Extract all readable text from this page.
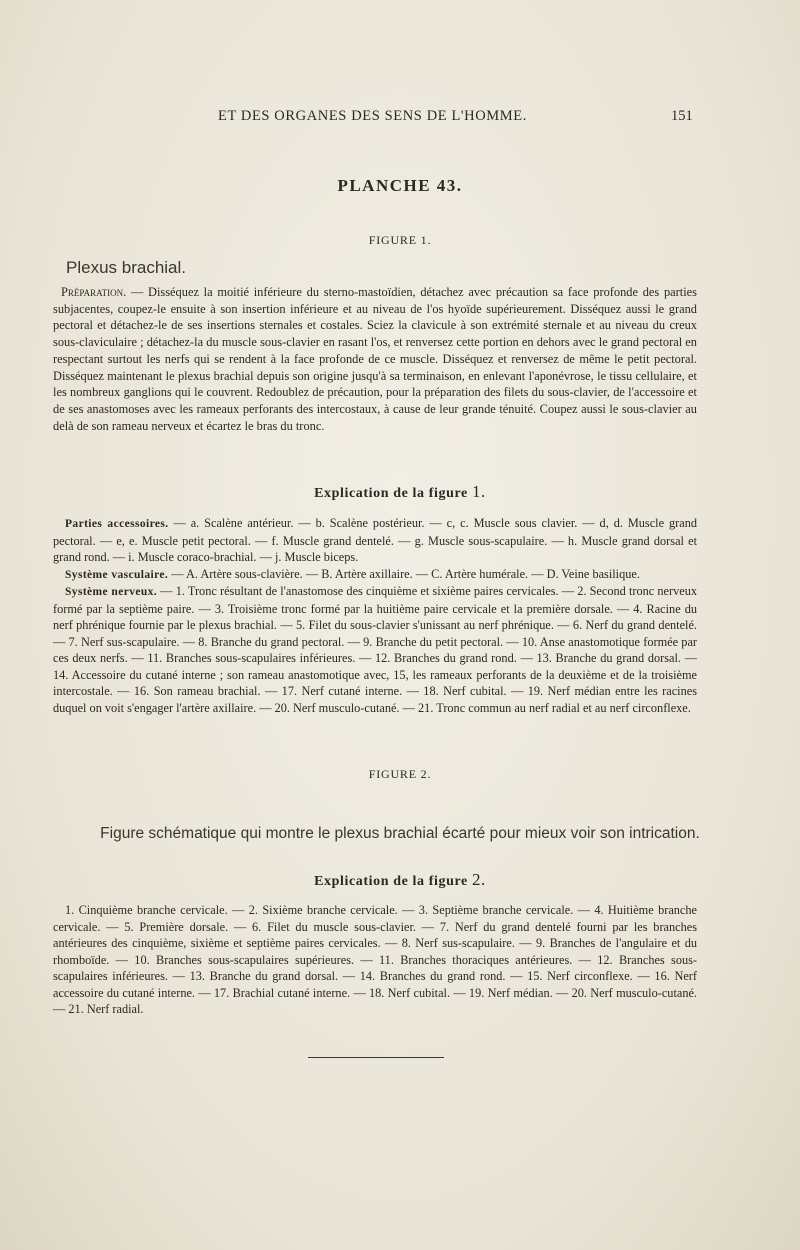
ET DES ORGANES DES SENS DE L'HOMME.	151
PLANCHE 43.
FIGURE 1.
Plexus brachial.

Préparation. — Disséquez la moitié inférieure du sterno-mastoïdien, détachez avec précaution sa face profonde des parties subjacentes, coupez-le ensuite à son insertion inférieure et au niveau de l'os hyoïde supérieurement. Disséquez aussi le grand pectoral et détachez-le de ses insertions sternales et costales. Sciez la clavicule à son extrémité sternale et au niveau du creux sous-claviculaire ; détachez-la du muscle sous-clavier en rasant l'os, et renversez cette portion en dehors avec le grand pectoral en respectant surtout les nerfs qui se rendent à la face profonde de ce muscle. Disséquez et renversez de même le petit pectoral. Disséquez maintenant le plexus brachial depuis son origine jusqu'à sa terminaison, en enlevant l'aponévrose, le tissu cellulaire, et les nombreux ganglions qui le couvrent. Redoublez de précaution, pour la préparation des filets du sous-clavier, de l'accessoire et de ses anastomoses avec les rameaux perforants des intercostaux, à cause de leur grande ténuité. Coupez aussi le sous-clavier au delà de son rameau nerveux et écartez le bras du tronc.

Explication de la figure 1.

Parties accessoires. — a. Scalène antérieur. — b. Scalène postérieur. — c, c. Muscle sous clavier. — d, d. Muscle grand pectoral. — e, e. Muscle petit pectoral. — f. Muscle grand dentelé. — g. Muscle sous-scapulaire. — h. Muscle grand dorsal et grand rond. — i. Muscle coraco-brachial. — j. Muscle biceps.

Système vasculaire. — A. Artère sous-clavière. — B. Artère axillaire. — C. Artère humérale. — D. Veine basilique.

Système nerveux. — 1. Tronc résultant de l'anastomose des cinquième et sixième paires cervicales. — 2. Second tronc nerveux formé par la septième paire. — 3. Troisième tronc formé par la huitième paire cervicale et la première dorsale. — 4. Racine du nerf phrénique fournie par le plexus brachial. — 5. Filet du sous-clavier s'unissant au nerf phrénique. — 6. Nerf du grand dentelé. — 7. Nerf sus-scapulaire. — 8. Branche du grand pectoral. — 9. Branche du petit pectoral. — 10. Anse anastomotique formée par ces deux nerfs. — 11. Branches sous-scapulaires inférieures. — 12. Branches du grand rond. — 13. Branche du grand dorsal. — 14. Accessoire du cutané interne ; son rameau anastomotique avec, 15, les rameaux perforants de la deuxième et de la troisième intercostale. — 16. Son rameau brachial. — 17. Nerf cutané interne. — 18. Nerf cubital. — 19. Nerf médian entre les racines duquel on voit s'engager l'artère axillaire. — 20. Nerf musculo-cutané. — 21. Tronc commun au nerf radial et au nerf circonflexe.

FIGURE 2.
Figure schématique qui montre le plexus brachial écarté pour mieux voir son intrication.
Explication de la figure 2.

1. Cinquième branche cervicale. — 2. Sixième branche cervicale. — 3. Septième branche cervicale. — 4. Huitième branche cervicale. — 5. Première dorsale. — 6. Filet du muscle sous-clavier. — 7. Nerf du grand dentelé fourni par les branches antérieures des cinquième, sixième et septième paires cervicales. — 8. Nerf sus-scapulaire. — 9. Branches de l'angulaire et du rhomboïde. — 10. Branches sous-scapulaires supérieures. — 11. Branches thoraciques antérieures. — 12. Branches sous-scapulaires inférieures. — 13. Branche du grand dorsal. — 14. Branches du grand rond. — 15. Nerf circonflexe. — 16. Nerf accessoire du cutané interne. — 17. Brachial cutané interne. — 18. Nerf cubital. — 19. Nerf médian. — 20. Nerf musculo-cutané. — 21. Nerf radial.
